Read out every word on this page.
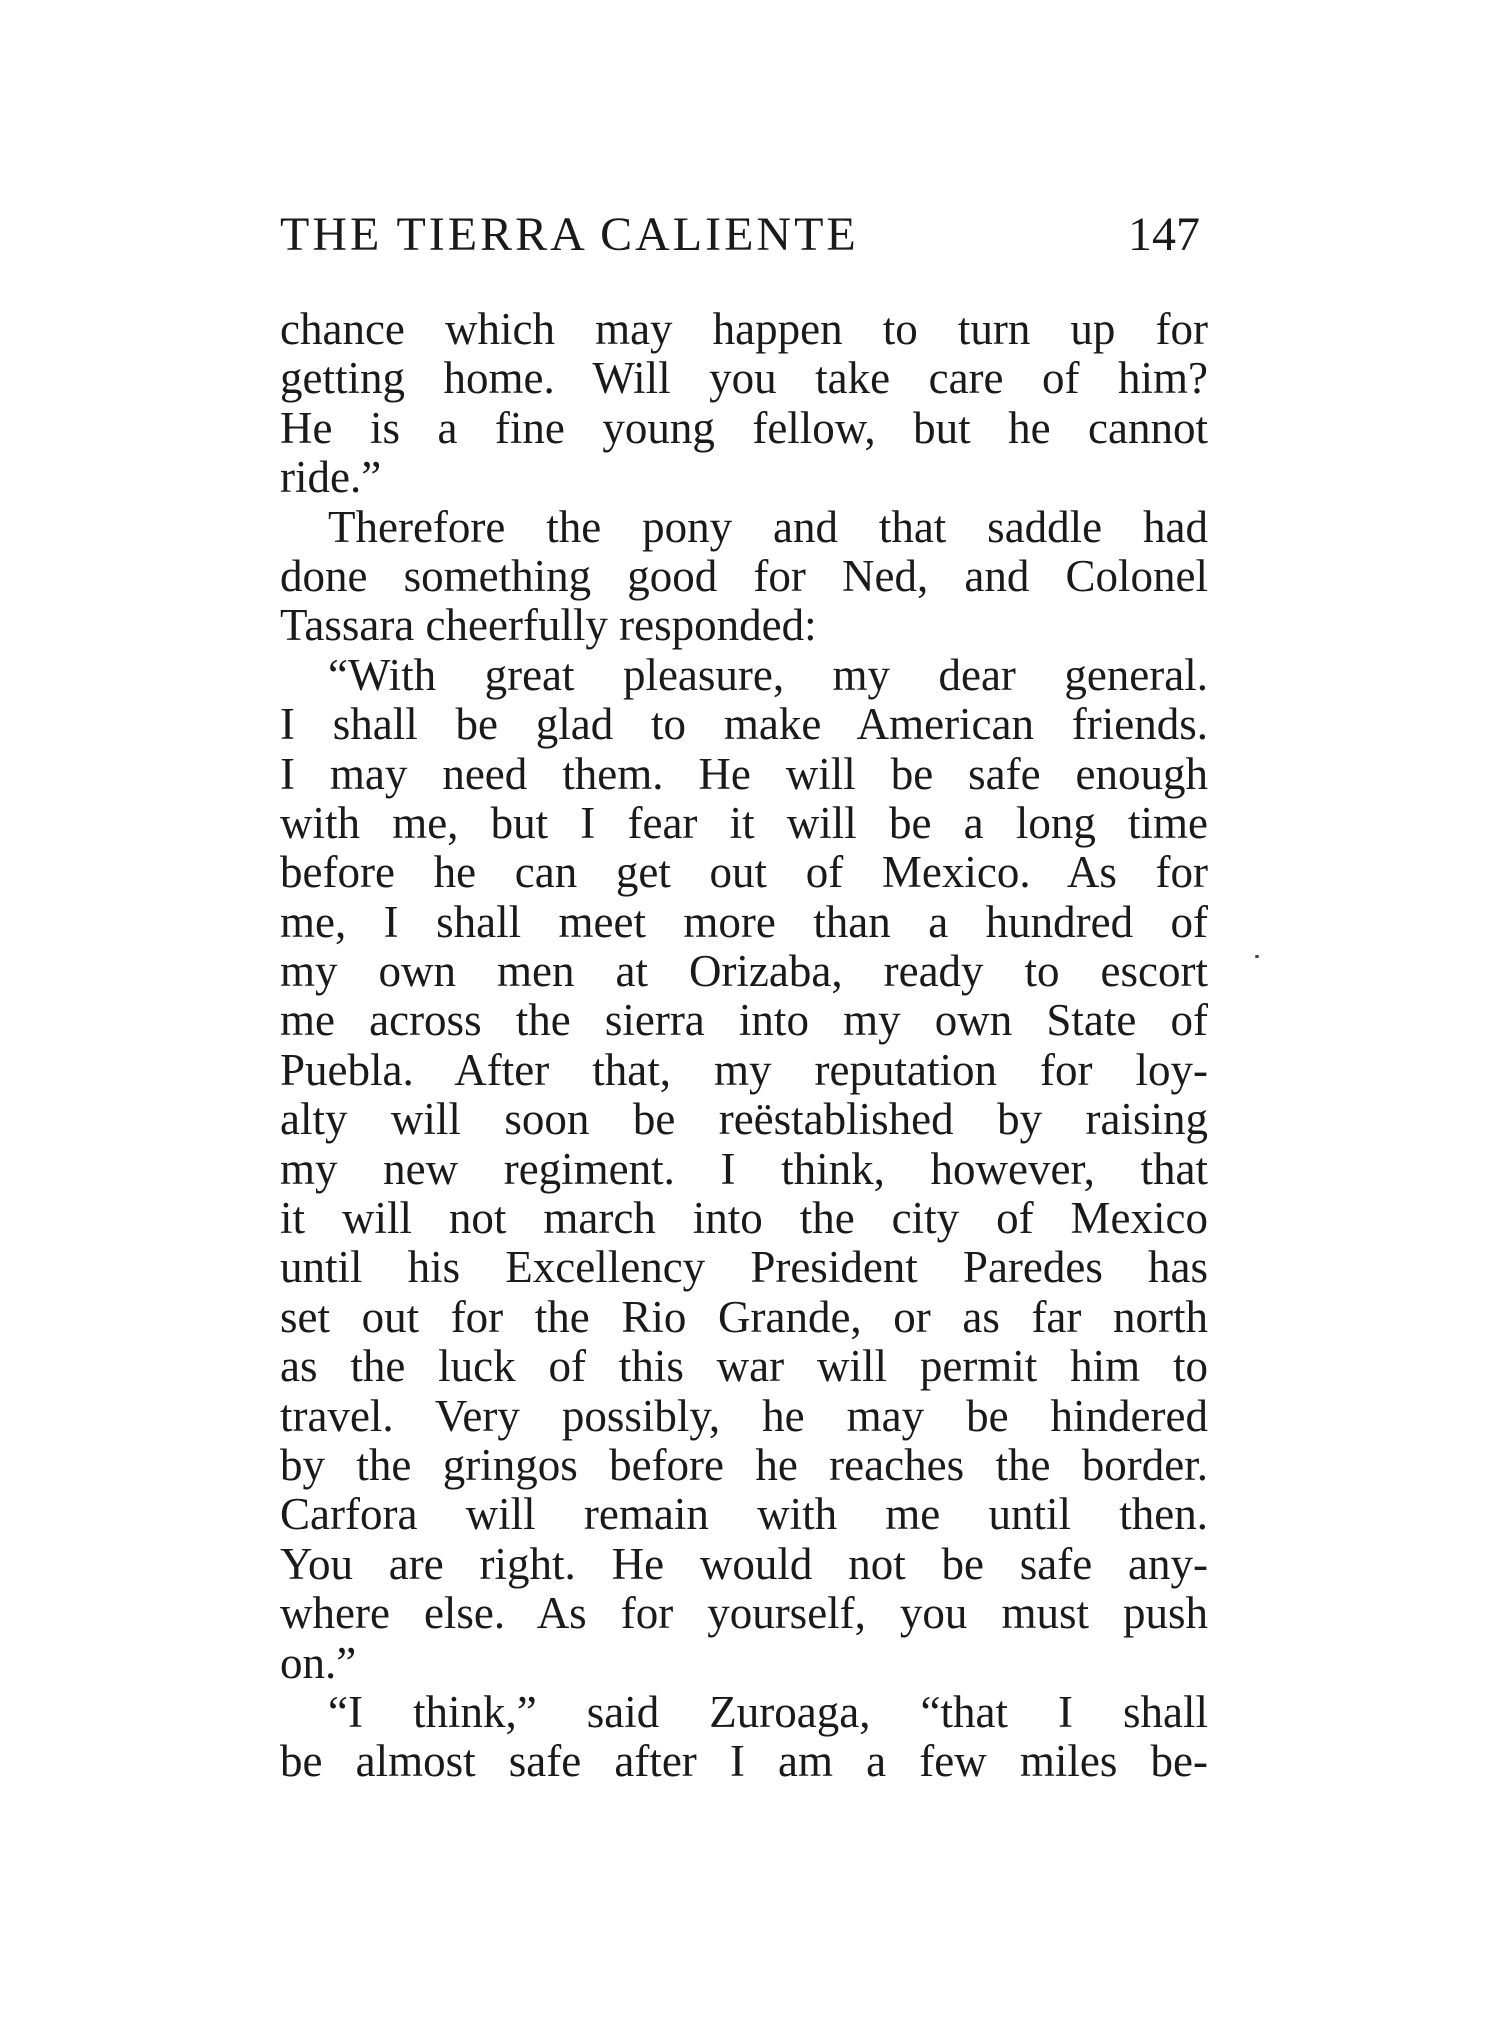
THE TIERRA CALIENTE	147
chance which may happen to turn up for
getting home. Will you take care of him?
He is a fine young fellow, but he cannot
ride.”
Therefore the pony and that saddle had
done something good for Ned, and Colonel
Tassara cheerfully responded:
“With great pleasure, my dear general.
I shall be glad to make American friends.
I may need them. He will be safe enough
with me, but I fear it will be a long time
before he can get out of Mexico. As for
me, I shall meet more than a hundred of
my own men at Orizaba, ready to escort
me across the sierra into my own State of
Puebla. After that, my reputation for loy-
alty will soon be reëstablished by raising
my new regiment. I think, however, that
it will not march into the city of Mexico
until his Excellency President Paredes has
set out for the Rio Grande, or as far north
as the luck of this war will permit him to
travel. Very possibly, he may be hindered
by the gringos before he reaches the border.
Carfora will remain with me until then.
You are right. He would not be safe any-
where else. As for yourself, you must push
on.”
“I think,” said Zuroaga, “that I shall
be almost safe after I am a few miles be-
